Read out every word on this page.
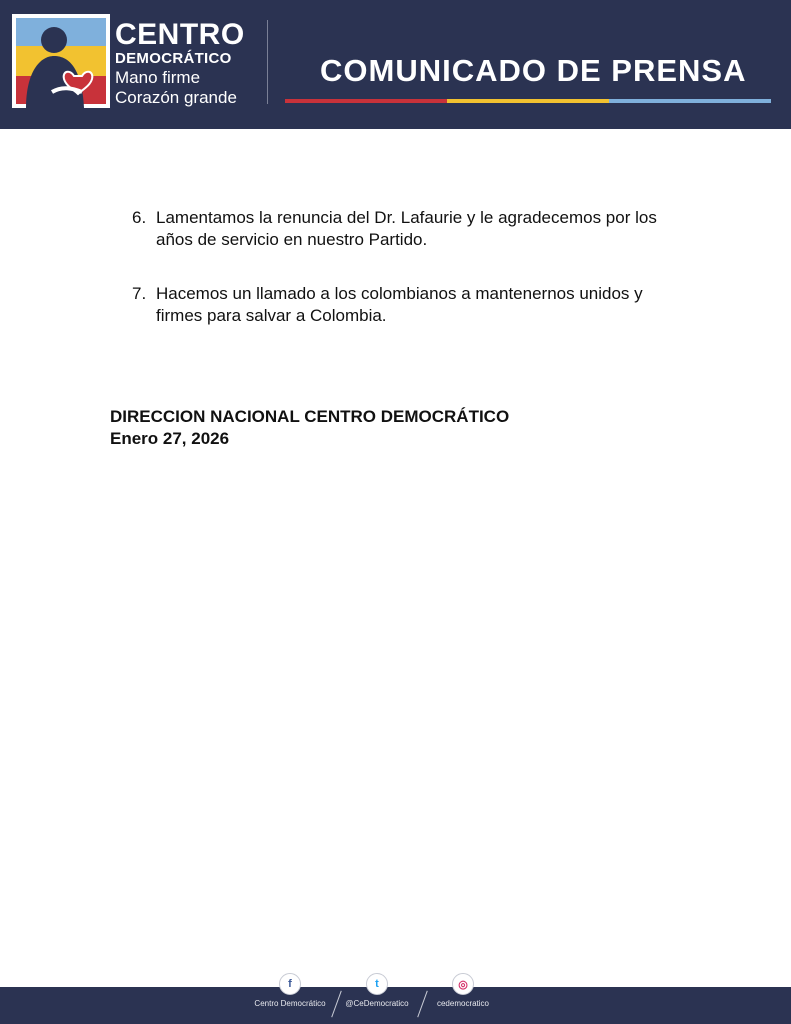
CENTRO
DEMOCRÁTICO
Mano firme
Corazón grande
COMUNICADO DE PRENSA
6. Lamentamos la renuncia del Dr. Lafaurie y le agradecemos por los años de servicio en nuestro Partido.
7. Hacemos un llamado a los colombianos a mantenernos unidos y firmes para salvar a Colombia.
DIRECCION NACIONAL CENTRO DEMOCRÁTICO
Enero 27, 2026
f
Centro Democrático
t
@CeDemocratico
◎
cedemocratico
